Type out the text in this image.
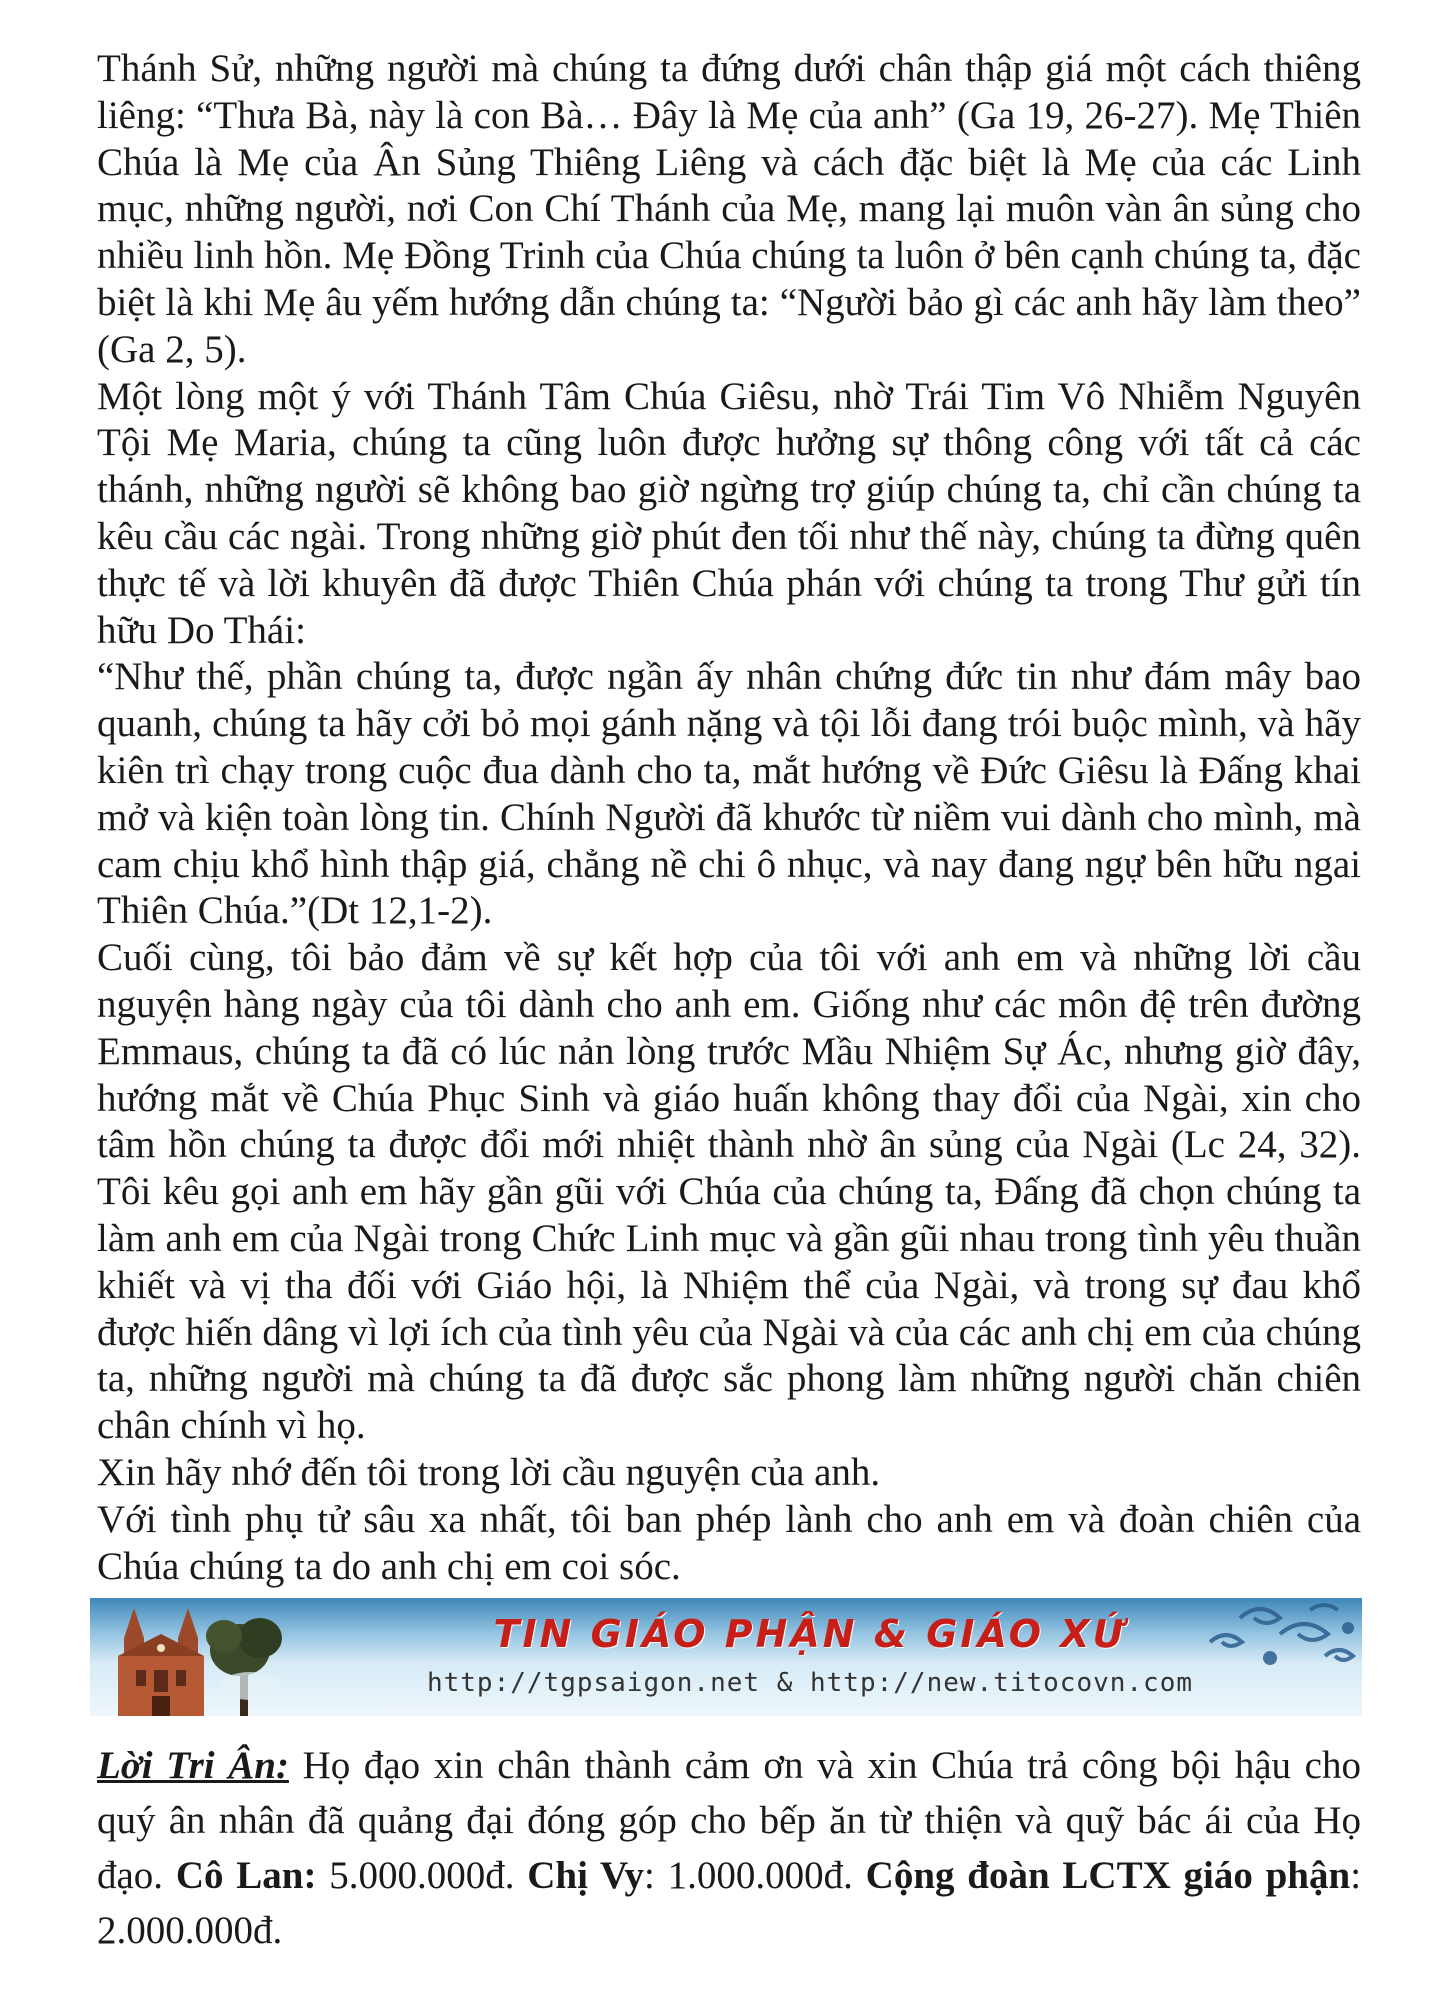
Thánh Sử, những người mà chúng ta đứng dưới chân thập giá một cách thiêng liêng: “Thưa Bà, này là con Bà… Đây là Mẹ của anh” (Ga 19, 26-27). Mẹ Thiên Chúa là Mẹ của Ân Sủng Thiêng Liêng và cách đặc biệt là Mẹ của các Linh mục, những người, nơi Con Chí Thánh của Mẹ, mang lại muôn vàn ân sủng cho nhiều linh hồn. Mẹ Đồng Trinh của Chúa chúng ta luôn ở bên cạnh chúng ta, đặc biệt là khi Mẹ âu yếm hướng dẫn chúng ta: “Người bảo gì các anh hãy làm theo” (Ga 2, 5).

Một lòng một ý với Thánh Tâm Chúa Giêsu, nhờ Trái Tim Vô Nhiễm Nguyên Tội Mẹ Maria, chúng ta cũng luôn được hưởng sự thông công với tất cả các thánh, những người sẽ không bao giờ ngừng trợ giúp chúng ta, chỉ cần chúng ta kêu cầu các ngài. Trong những giờ phút đen tối như thế này, chúng ta đừng quên thực tế và lời khuyên đã được Thiên Chúa phán với chúng ta trong Thư gửi tín hữu Do Thái:

“Như thế, phần chúng ta, được ngần ấy nhân chứng đức tin như đám mây bao quanh, chúng ta hãy cởi bỏ mọi gánh nặng và tội lỗi đang trói buộc mình, và hãy kiên trì chạy trong cuộc đua dành cho ta, mắt hướng về Đức Giêsu là Đấng khai mở và kiện toàn lòng tin. Chính Người đã khước từ niềm vui dành cho mình, mà cam chịu khổ hình thập giá, chẳng nề chi ô nhục, và nay đang ngự bên hữu ngai Thiên Chúa.”(Dt 12,1-2).

Cuối cùng, tôi bảo đảm về sự kết hợp của tôi với anh em và những lời cầu nguyện hàng ngày của tôi dành cho anh em. Giống như các môn đệ trên đường Emmaus, chúng ta đã có lúc nản lòng trước Mầu Nhiệm Sự Ác, nhưng giờ đây, hướng mắt về Chúa Phục Sinh và giáo huấn không thay đổi của Ngài, xin cho tâm hồn chúng ta được đổi mới nhiệt thành nhờ ân sủng của Ngài (Lc 24, 32). Tôi kêu gọi anh em hãy gần gũi với Chúa của chúng ta, Đấng đã chọn chúng ta làm anh em của Ngài trong Chức Linh mục và gần gũi nhau trong tình yêu thuần khiết và vị tha đối với Giáo hội, là Nhiệm thể của Ngài, và trong sự đau khổ được hiến dâng vì lợi ích của tình yêu của Ngài và của các anh chị em của chúng ta, những người mà chúng ta đã được sắc phong làm những người chăn chiên chân chính vì họ.

Xin hãy nhớ đến tôi trong lời cầu nguyện của anh.

Với tình phụ tử sâu xa nhất, tôi ban phép lành cho anh em và đoàn chiên của Chúa chúng ta do anh chị em coi sóc.

TIN GIÁO PHẬN & GIÁO XỨ
http://tgpsaigon.net & http://new.titocovn.com
Lời Tri Ân: Họ đạo xin chân thành cảm ơn và xin Chúa trả công bội hậu cho quý ân nhân đã quảng đại đóng góp cho bếp ăn từ thiện và quỹ bác ái của Họ đạo. Cô Lan: 5.000.000đ. Chị Vy: 1.000.000đ. Cộng đoàn LCTX giáo phận: 2.000.000đ.
